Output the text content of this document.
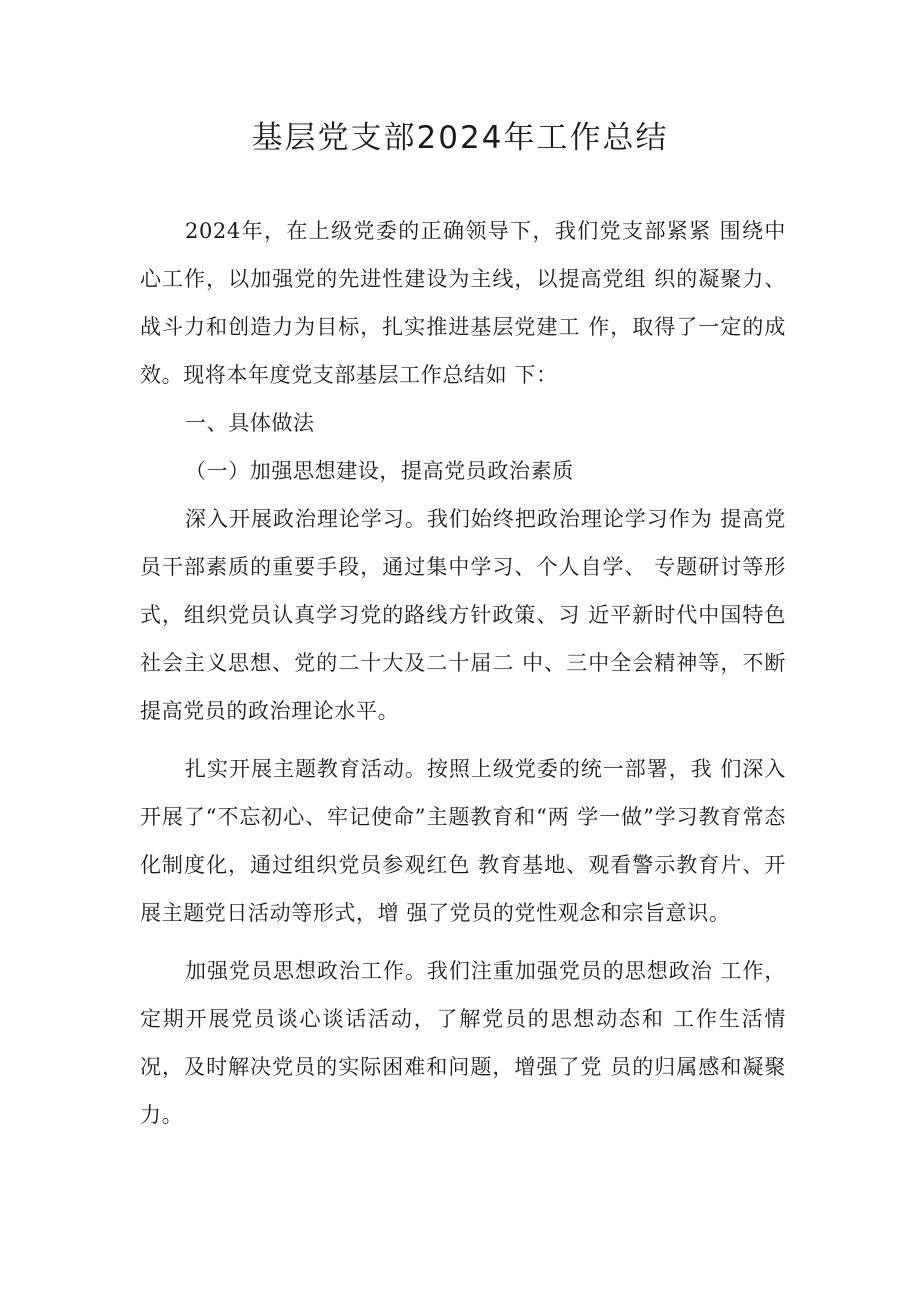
基层党支部2024年工作总结

2024年，在上级党委的正确领导下，我们党支部紧紧 围绕中心工作，以加强党的先进性建设为主线，以提高党组 织的凝聚力、战斗力和创造力为目标，扎实推进基层党建工 作，取得了一定的成效。现将本年度党支部基层工作总结如 下：

一、具体做法

（一）加强思想建设，提高党员政治素质

深入开展政治理论学习。我们始终把政治理论学习作为 提高党员干部素质的重要手段，通过集中学习、个人自学、 专题研讨等形式，组织党员认真学习党的路线方针政策、习 近平新时代中国特色社会主义思想、党的二十大及二十届二 中、三中全会精神等，不断提高党员的政治理论水平。

扎实开展主题教育活动。按照上级党委的统一部署，我 们深入开展了“不忘初心、牢记使命”主题教育和“两 学一做”学习教育常态化制度化，通过组织党员参观红色 教育基地、观看警示教育片、开展主题党日活动等形式，增 强了党员的党性观念和宗旨意识。

加强党员思想政治工作。我们注重加强党员的思想政治 工作，定期开展党员谈心谈话活动，了解党员的思想动态和 工作生活情况，及时解决党员的实际困难和问题，增强了党 员的归属感和凝聚力。
